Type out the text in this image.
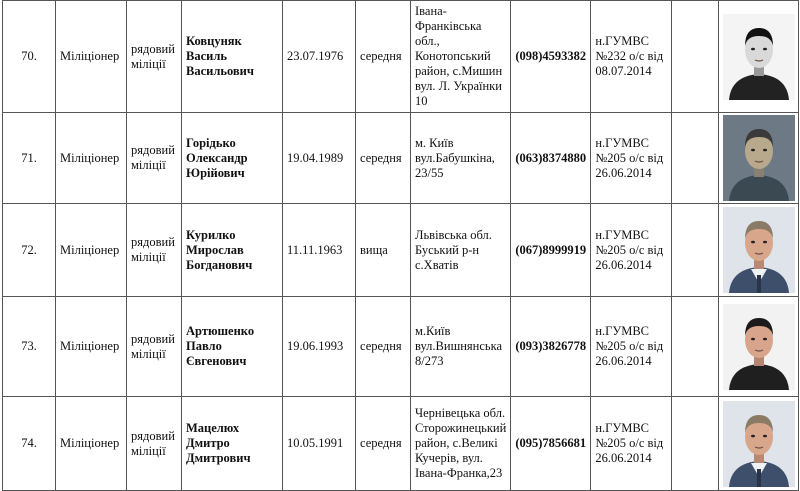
70.	Міліціонер	рядовий міліції	Ковцуняк Василь Васильович	23.07.1976	середня	Івана-Франківська обл., Конотопський район, с.Мишин вул. Л. Українки 10	(098)4593382	н.ГУМВС №232 о/с від 08.07.2014		

71.	Міліціонер	рядовий міліції	Горідько Олександр Юрійович	19.04.1989	середня	м. Київ вул.Бабушкіна, 23/55	(063)8374880	н.ГУМВС №205 о/с від 26.06.2014		

72.	Міліціонер	рядовий міліції	Курилко Мирослав Богданович	11.11.1963	вища	Львівська обл. Буський р-н с.Хватів	(067)8999919	н.ГУМВС №205 о/с від 26.06.2014		

73.	Міліціонер	рядовий міліції	Артюшенко Павло Євгенович	19.06.1993	середня	м.Київ вул.Вишнянська 8/273	(093)3826778	н.ГУМВС №205 о/с від 26.06.2014		

74.	Міліціонер	рядовий міліції	Мацелюх Дмитро Дмитрович	10.05.1991	середня	Чернівецька обл. Сторожинецький район, с.Великі Кучерів, вул. Івана-Франка,23	(095)7856681	н.ГУМВС №205 о/с від 26.06.2014		
